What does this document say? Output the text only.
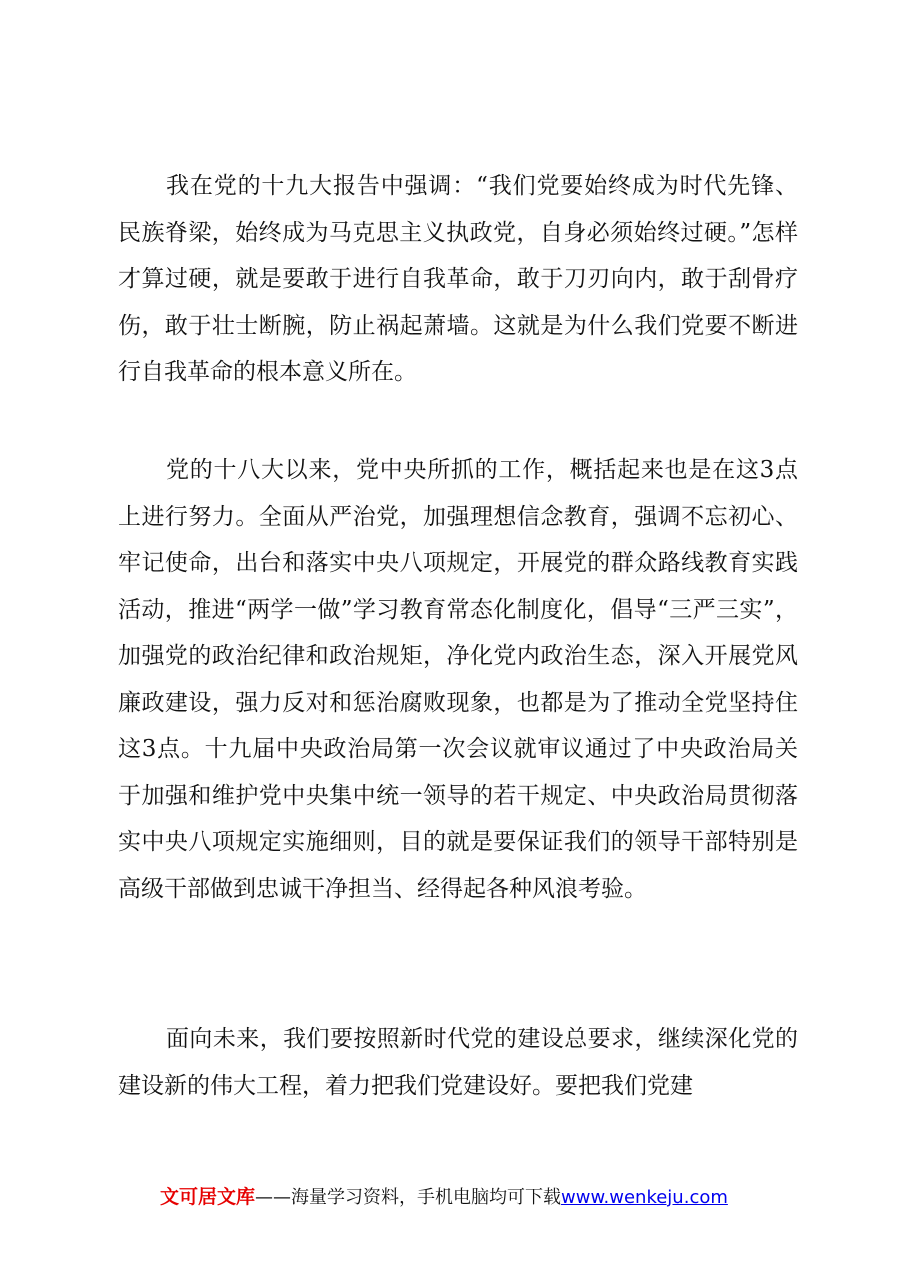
我在党的十九大报告中强调：“我们党要始终成为时代先锋、民族脊梁，始终成为马克思主义执政党，自身必须始终过硬。”怎样才算过硬，就是要敢于进行自我革命，敢于刀刃向内，敢于刮骨疗伤，敢于壮士断腕，防止祸起萧墙。这就是为什么我们党要不断进行自我革命的根本意义所在。

党的十八大以来，党中央所抓的工作，概括起来也是在这3点上进行努力。全面从严治党，加强理想信念教育，强调不忘初心、牢记使命，出台和落实中央八项规定，开展党的群众路线教育实践活动，推进“两学一做”学习教育常态化制度化，倡导“三严三实”，加强党的政治纪律和政治规矩，净化党内政治生态，深入开展党风廉政建设，强力反对和惩治腐败现象，也都是为了推动全党坚持住这3点。十九届中央政治局第一次会议就审议通过了中央政治局关于加强和维护党中央集中统一领导的若干规定、中央政治局贯彻落实中央八项规定实施细则，目的就是要保证我们的领导干部特别是高级干部做到忠诚干净担当、经得起各种风浪考验。

面向未来，我们要按照新时代党的建设总要求，继续深化党的建设新的伟大工程，着力把我们党建设好。要把我们党建

文可居文库——海量学习资料，手机电脑均可下载www.wenkeju.com
